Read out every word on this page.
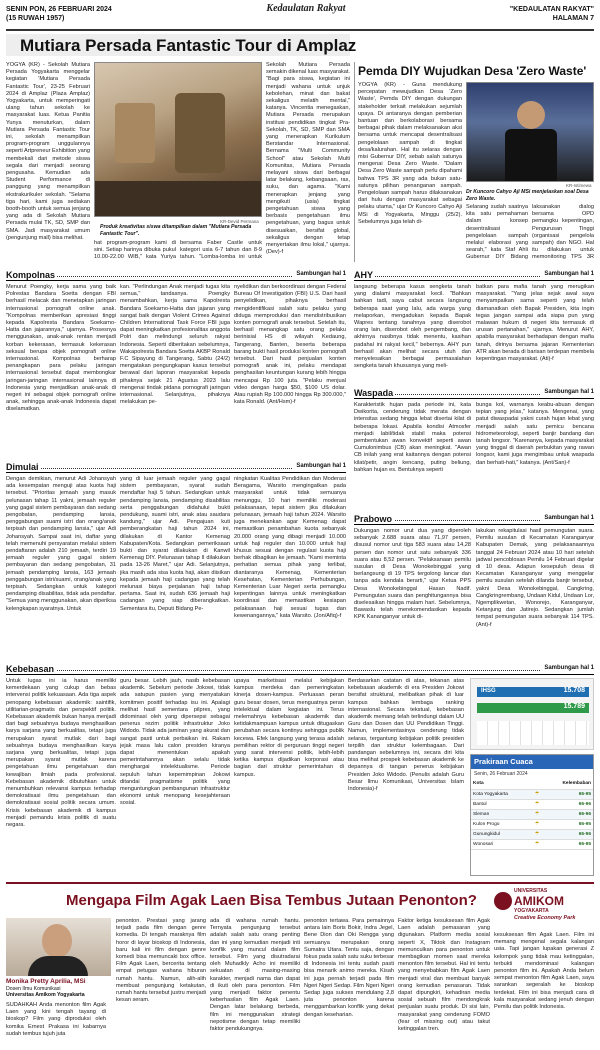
SENIN PON, 26 FEBRUARI 2024
(15 RUWAH 1957)
Kedaulatan Rakyat	"KEDAULATAN RAKYAT"
HALAMAN 7
Mutiara Persada Fantastic Tour di Amplaz
YOGYA (KR) - Sekolah Mutiara Persada Yogyakarta menggelar kegiatan 'Mutiara Persada Fantastic Tour', 23-25 Februari 2024 di Amplaz (Plaza Amplaz) Yogyakarta, untuk memperingati ulang tahun sekolah ke masyarakat luas. Ketua Panitia Yunya menuturkan, dalam Mutiara Persada Fantastic Tour ini, sekolah menampilkan program-program unggulannya seperti Artpreneur Exhibition yang membekali dari metode siswa segala dari menjadi seorang pengusaha. Kemudian ada Student Performance di panggung yang menampilkan ekstrakurikuler sekolah. "Selama tiga hari, kami juga sediakan booth-booth untuk semua jenjang yang ada di Sekolah Mutiara Persada mulai TK, SD, SMP dan SMA. Jadi masyarakat umum (pengunjung mall) bisa melihat.
KR-Devid Permana
Produk kreativitas siswa ditampilkan dalam "Mutiara Persada Fantastic Tour".
hat program-program kami di sini. Setiap harinya dibuka pukul 10.00-22.00 WIB," kata Yuriya
bersama Faber Castle untuk kategori usia 6-7 tahun dan 8-9 tahun. "Lomba-lomba ini untuk
Sekolah Mutiara Persada semakin dikenal luas masyarakat. "Bagi para siswa, kegiatan ini menjadi wahana untuk unjuk kebolehan, minat dan bakat sekaligus melatih mental," katanya. Vincentia menegaskan, Mutiara Persada merupakan institusi pendidikan tingkat Pra-Sekolah, TK, SD, SMP dan SMA yang menerapkan Kurikulum Berstandar Internasional. Bernama "Multi Community School" atau Sekolah Multi Komunitas, Mutiara Persada melayani siswa dari berbagai latar belakang, kebangsaan, ras, suku, dan agama. "Kami menerapkan jenjang yang mengikuti (usia) tingkat pengetahuan siswa yang berbasis pengetahuan ilmu pengetahuan, yang bagus untuk disesuaikan, bersifat global, sekaligus dengan tetap menyertakan ilmu lokal," ujarnya. (Dev)-f
Pemda DIY Wujudkan Desa 'Zero Waste'
YOGYA (KR) - Guna mendukung percepatan mewujudkan Desa 'Zero Waste', Pemda DIY dengan dukungan stakeholder terkait melakukan sejumlah upaya. Di antaranya dengan pemberian bantuan dan berkolaborasi bersama berbagai pihak dalam melaksanakan aksi bersama untuk mencapai desentralisasi pengelolaan sampah di tingkat desa/kalurahan. Hal itu selaras dengan misi Gubernur DIY, sebab salah satunya mengenai Desa Zero Waste. "Dalam Desa Zero Waste sampah perlu dipahami bahwa TPS 3R yang ada bukan satu-satunya pilihan penanganan sampah. Pengelolaan sampah harus dilaksanakan dari hulu dengan masyarakat sebagai pelaku utama," ujar Dr Kuncoro Cahyo Aji MSi di Yogyakarta, Minggu (25/2). Sebelumnya juga telah di-
KR-Istimewa
Dr Kuncoro Cahyo Aji MSi menjelaskan soal Desa Zero Waste.
Selarang sudah saatnya kita satu pemahaman dalam konsep desentralisasi pengelolaan sampah melalui elaborasi yang searah," kata Staf Ahli Gubernur DIY Bidang
laksanakan dialog bersama OPD pemangku kepentingan, Pengurusan Tinggi (organisasi pengelola sampah) dan NGO. Hal itu dilakukan untuk memonitoring TPS 3R
Kompolnas	Sambungan hal 1
Menurut Poengky, kerja sama yang baik Polrestas Bandara Soetta dengan FBI berhasil melacak dan menetapkan jaringan internasional pornografi online anak. "Kompolnas memberikan apresiasi tinggi kepada Kapolresta Bandara Soekarno-Hatta dan jajarannya," ujarnya. Prosesnya menggunakan, anak-anak rentan menjadi korban kekerasan, termasuk kekerasan seksual berupa objek pornografi online internasional. Kompolnas berharap penangkapan para pelaku jaringan internasional tersebut dapat membongkar jaringan-jaringan internasional lainnya di Indonesia yang menjadikan anak-anak di negeri ini sebagai objek pornografi online anak, sehingga anak-anak Indonesia dapat diselamatkan.
kan. "Perlindungan Anak menjadi tugas kita semua," tandasnya. Poengky menambahkan, kerja sama Kapolresta Bandara Soekarno-Hatta dan jajaran yang sangat baik dengan Violent Crimes Against Children International Task Force FBI juga dapat meningkatkan profesionalitas anggota Polri dan melindungi seluruh rakyat Indonesia. Seperti diberitakan sebelumnya, Wakapolresta Bandara Soetta AKBP Ronald F.C Sipayung di Tangerang, Sabtu (24/2) mengatakan pengungkapan kasus tersebut berawal dari laporan masyarakat kepada pihaknya sejak 21 Agustus 2023 lalu mengenai tindak pidana pornografi jaringan internasional. Selanjutnya, pihaknya melakukan pe-
nyelidikan dan berkoordinasi dengan Federal Bureau Of Investigation (FBI) U.S. Dari hasil penyelidikan, pihaknya berhasil mengidentifikasi salah satu pelaku yang diduga memproduksi dan mendistribusikan konten pornografi anak tersebut. Setelah itu, berhasil menangkap satu orang pelaku berinisial HS di wilayah Kedaung, Tangerang, Banten, beserta beberapa barang bukti hasil produksi konten pornografi tersebut. Dari hasil penjualan konten pornografi anak ini, pelaku mendapat penghasilan keuntungan kurang lebih hingga mencapai Rp 100 juta. "Pelaku menjual video dengan harga $50, $100 US dolar. Atau rupiah Rp 100.000 hingga Rp 300.000," kata Ronald. (Ant/Hsm)-f
AHY	Sambungan hal 1
langsung beberapa kasus sengketa tanah yang dialami masyarakat kecil. "Bahkan bahkan tadi, saya cabut secara langsung beberapa saat yang lalu, ada warga yang melaporkan, mengadukan kepada Bapak Wapres tentang tanahnya yang diserobot orang lain, diserobot oleh pengembang, dan akhirnya nasibnya tidak menentu, kasihan padahal ini rakyat kecil," bebernya. AHY pun berhasil akan melihat secara utuh dan menyelesaikan berbagai permasalahan sengketa tanah khususnya yang meli-
batkan para mafia tanah yang merugikan masyarakat. "Yang jelas sejak awal saya menyampaikan sama seperti yang telah diamanatkan oleh Bapak Presiden, kita ingin tegas jangan sampai ada siapa pun yang malawan hukum di negeri kita termasuk di urusan pertanahan," ujarnya. Menurut AHY, apabila masyarakat berhadapan dengan mafia tanah, dirinya bersama jajaran Kementerian ATR akan berada di barisan terdepan membela kepentingan masyarakat. (Ati)-f
Waspada	Sambungan hal 1
Karakteristik hujan pada periode ini, kata Dwikorita, cenderung tidak merata dengan intensitas sedang hingga lebat disertai kilat di beberapa lokasi. Apabila kondisi Atmosfer menjadi labil/tidak stabil maka potensi pembentukan awan konvektif seperti awan Cumulonimbus (CB) akan meningkat. "Awan CB inilah yang erat kaitannya dengan potensi kilat/petir, angin kencang, puting beliung, bahkan hujan es. Bentuknya seperti
bunga kol, warnanya keabu-abuan dengan tepian yang jelas," katanya. Mengenai, yang patut diwaspadai yakni curah hujan lebat yang menjadi salah satu pemicu bencana hidrometeorologi, seperti banjir bandang dan tanah longsor. "Karenanya, kepada masyarakat yang tinggal di daerah perbukitan yang rawan longsor, kami juga mengimbau untuk waspada dan berhati-hati," katanya. (Ant/San)-f
Prabowo	Sambungan hal 1
Dukungan nomor urut dua yang diperoleh sebanyak 2.688 suara atau 71,97 persen, disusul nomor urut tiga 583 suara atau 14,28 persen dan nomor urut satu sebanyak 336 suara atau 8,52 persen. "Pelaksanaan pemilu susulan di Desa Wonokebinggal yang berlangsung di 19 TPS tergolong lancar dan tanpa ada kendala berarti," ujar Ketua PPS Desa Wonokebinggal Hasan Nadif. Pemungutan suara dan penghitungannya bisa diselesaikan hingga malam hari. Sebelumnya, Bawaslu telah merekomendasikan kepada KPK Kananganyar untuk di-
lakukan rekapitulasi hasil pemungutan suara. Pemilu susulan di Kecamatan Karanganyar Kabupaten Demak, yang pelaksanaannya tanggal 24 Februari 2024 atau 10 hari setelah jadwal pencoblosan Pemilu 14 Februari digelar di 10 desa. Adapun kesepuluh desa di Kecamatan Karanganyar yang menggelar pemilu susulan setelah dilanda banjir tersebut, yakni Desa Wonokebinggal, Cangkring, Cangkringrembang, Undaan Kidul, Undaan Lor, Ngemplikwetan, Wonorejo, Karanganyar, Ketanjung dan Jatirejo. Sedangkan jumlah tempat pemungutan suara sebanyak 114 TPS. (Ant)-f
Dimulai	Sambungan hal 1
Dengan demikian, menurut Adi Johansyah ada kesempatan menguji atas kuota haji tersebut. "Prioritas jemaah yang masuk pelunasan tahap 11 yakni, jemaah reguler yang gagal sistem pembayaran dan sedang pengobatan, pendamping lansia, penggabungan suami istri dan orang/anak terpisah dan pendamping lansia," ujar Adi Johansyah. Sampai saat ini, daftar yang telah memenuhi persyaratan melalui sistem pendaftaran adalah 210 jemaah, terdiri 19 jemaah reguler yang gagal sistem pembayaran dan sedang pengobatan, 31 jemaah pendamping lansia, 163 jemaah penggabungan istri/suami, orang/anak yang terpisah. Sedangkan untuk kategori pendamping disabilitas, tidak ada pendaftar. "Semua yang menggunakan, akan diperiksa kelengkapan syaratnya. Untuk
yang di luar jemaah reguler yang gagal sistem pembayaran, syarat sudah mendaftar haji 5 tahun. Sedangkan untuk pendamping lansia, pendamping disabilitas serta penggabungan didahului bukti pendukung, suami istri, anak atau saudara kandung," ujar Adi. Pengajuan kuti pemberangkatan haji tahun 2024 ini, dilakukan di Kantor Kemenag Kabupaten/Kota. Sedangkan pemeriksaan bukti dan syarat dilakukan di Kanwil Kemenag DIY. Pelunasan tahap II dilakukan pada 13-26 Maret," ujar Adi. Selanjutnya, jika masih ada sisa kuota haji, akan diisikan kepada jemaah haji cadangan yang telah melunasi biaya perjalanan haji tahap pertama. Saat ini, sudah 636 jemaah haji cadangan yang siap diberangkatkan. Sementara itu, Deputi Bidang Pe-
ningkatan Kualitas Pendidikan dan Moderasi Beragama, Warsito mengingatkan pada masyarakat untuk tidak semuanya menunggu, 10 hari memiliki moderasi pelaksanaan, tepat sistem jika dilakukan pelunasan, jemaah haji tahun 2024. Warsito juga menekankan agar Kemenag dapat memastikan penambahan kuota sebanyak 20.000 orang yang dibagi menjadi 10.000 untuk haji reguler dan 10.000 untuk haji khusus sesuai dengan regulasi kuota haji berhak dibagikan ke jemaah. "Kami meminta perhatian semua pihak yang terlibat, diantaranya Kemenag, Kementerian Kesehatan, Kementerian Perhubungan, Kementerian Luar Negeri serta pemangku kepentingan lainnya untuk meningkatkan koordinasi dan memastikan kesiapan pelaksanaan haji sesuai tugas dan kewenangannya," kata Warsito. (Jon/Afiq)-f
Kebebasan	Sambungan hal 1
Untuk lugas ini ia harus memiliki kemerdekaan yang cukup dan bebas intervensi politik kekuasaan. Ada tiga aspek penopang kebebasan akademik: saintifik, utilitarian-pragmatis dan perspektif politik. Kebebasan akademik bukan hanya menjadi dari bagi sebuahnya budaya menghasilkan karya sarjana yang berkualitas, tetapi juga merupakan syarat mutlak dari bagi sebuahnya budaya menghasilkan karya sarjana yang berkualitas, tetapi juga merupakan syarat mutlak karena pengetahuan ilmu pengetahuan dan kewajiban ilmiah pada profesional. Kebebasan akademik dibutuhkan untuk menumbuhkan relevansi kampus terhadap demokratisasi ilmu pengetahuan dan demokratisasi sosial politik secara umum. Krisis kebebasan akademik di kampus menjadi pemandu krisis politik di suatu negara.
guru besar. Lebih jauh, nasib kebebasan akademik. Sebelum periode Jokowi, tidak ada satupun pasien yang menyatakan komitmen positif terhadap isu ini. Apalagi melihat hasil sementara pilpres, yang didominasi oleh yang dipersepsi sebagai penerus rezim politik infrastruktur Joko Widodo. Tidak ada jaminan yang akurat dan sangat pasti untuk perbaikan ini. Rakam jejak masa lalu calon presiden kiranya dapat menentukan apakah pemerintahannya akan selalu tidak menghargai intelektualisme. Periode sepuluh tahun kepemimpinan Jokowi ditandai pragmatisme politik yang menguntungkan pembangunan infrastruktur ekonomi untuk menopang kesejahteraan sosial.
upaya marketisasi melalui kebijakan kampus merdeka dan pemeringkatan kinerja dosen-kampus. Perluasan peran guru besar dosen, terus menguatnya peran intelektual dalam kegiatan ini. Terus melemahnya kebebasan akademik dan ketidakmampuan kampus untuk ditugaskan perubahan secara kontinyu sehingga publik kecewa. Efek langsung yang terasa adalah pemilihan rektor di perguruan tinggi negeri yang sarat intervensi politik, lebih-lebih ketika kampus dijadikan korporasi atau bagian dari struktur pemerintahan di kampus.
Berdasarkan catatan di atas, tekanan atas kebebasan akademik di era Presiden Jokowi bersifat struktural, melibatkan pihak di luar kampus bahkan lembaga ranking internasional. Secara tekstual, kebebasan akademik memang telah terlindungi dalam UU Guru dan Dosen dan UU Pendidikan Tinggi. Namun, implementasinya cenderung tidak selaras, tergantung kebijakan politik presiden terpilih dan struktur kelembagaan. Dari pandangan sebelumnya ini, secara diri kita bisa melihat prospek kebebasan akademik ke depannya di tangan penerus kebijakan Presiden Joko Widodo. (Penulis adalah Guru Besar Ilmu Komunikasi, Universitas Islam Indonesia)-f
15.708
IHSG
15.789
Prakiraan Cuaca
Senin, 26 Februari 2024
Kota		Kelembaban
Kota Yogyakarta	☂	65-95
Bantul	☂	65-96
Sleman	☂	65-96
Kulon Progo	☂	65-95
Gunungkidul	☂	65-96
Wonosari	☂	65-95
Mengapa Film Agak Laen Bisa Tembus Jutaan Penonton?
Monika Pretty Aprilia, MSi
Dosen Ilmu Komunikasi
Universitas Amikom Yogyakarta
SUDAHKAH Anda menonton film Agak Laen yang kini tengah tayang di bioskop? Film yang diproduksi oleh komika Ernest Prakasa ini kabarnya sudah tembus tujuh juta
penonton. Prestasi yang jarang terjadi pada film dengan genre komedia. Di tengah maraknya film horor di layar bioskop di Indonesia, baru kali ini film dengan genre komedi bisa memuncaki box office. Film Agak Laen, bercerita tentang empat petugas wahana hiburan rumah hantu. Namun, alih-alih membuat pengunjung ketakutan, rumah hantu tersebut justru menjadi kesan seram.
ada di wahana rumah hantu. Ternyata pengunjung tersebut adalah salah satu orang penting dan ini yang kemudian menjadi inti konflik yang muncul dalam film tersebut. Film yang disutradarai oleh Muhadkly Acho ini memiliki sekuatan di masing-masing karakter, menjadi nama dan dapat di ikuti oleh para penonton. Film yang menjadi faktor penentu keberhasilan film Agak Laen. Dengan latar belakang berbeda, film ini menggunakan strategi nepotisme dengan tetap memiliki faktor pendukungnya.
penonton tertawa. Para pemainnya antara lain Boris Bokir, Indra Jegel, Bene Dion dan Oki Rengga yang semuanya merupakan orang Sumatra Utara. Tentu saja, dengan fokus pada salah satu suku terbesar di Indonesia ini tentu sudah pasti bisa menarik animo mereka. Kisah ini juga pernah terjadi pada film Ngeri Ngeri Sedap. Film Ngeri Ngeri Sedap juga sukses mendulang 2,8 juta penonton karena menggambarkan konflik yang dekat dengan keseharian.
Faktor ketiga kesuksesan film Agak Laen adalah pemasaran yang digunakan. Platform media sosial seperti X, Tiktok dan Instagram memunculkan para penonton untuk membagikan momen saat mereka menonton film tersebut. Hal ini tentu yang menyebabkan film Agak Laen menjadi viral dan membuat banyak orang kemudian penasaran. Tidak dapat dipungkiri, kehadiran media sosial sebuah film mendongkrak penjualan suatu produk. Di sisi lain, masyarakat yang cenderung FOMO (fear of missing out) atau takut ketinggalan tren.
UNIVERSITAS
AMIKOM
YOGYAKARTA
Creative Economy Park
kesuksesan film Agak Laen. Film ini memang mengenal segala kalangan usia. Tapi jangan lupakan generasi Z kelompok yang tidak mau ketinggalan, terbukti mendominasi kalangan penonton film ini. Apakah Anda belum sempat menonton film Agak Laen, saya sarankan segeralah ke bioskop terdekat. Film ini bisa menjadi cara di kala masyarakat sedang jenuh dengan Pemilu dan politik Indonesia.
